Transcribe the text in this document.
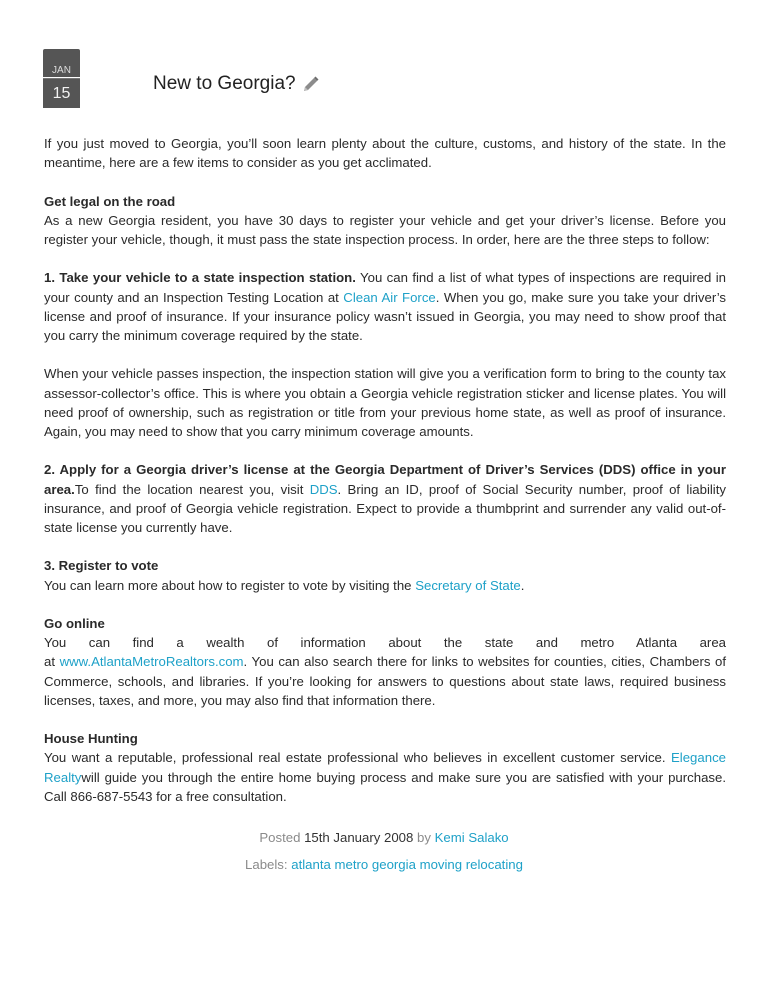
JAN
15	New to Georgia?

If you just moved to Georgia, you’ll soon learn plenty about the culture, customs, and history of the state. In the meantime, here are a few items to consider as you get acclimated.

Get legal on the road
As a new Georgia resident, you have 30 days to register your vehicle and get your driver’s license. Before you register your vehicle, though, it must pass the state inspection process. In order, here are the three steps to follow:

1. Take your vehicle to a state inspection station. You can find a list of what types of inspections are required in your county and an Inspection Testing Location at Clean Air Force. When you go, make sure you take your driver’s license and proof of insurance. If your insurance policy wasn’t issued in Georgia, you may need to show proof that you carry the minimum coverage required by the state.

When your vehicle passes inspection, the inspection station will give you a verification form to bring to the county tax assessor-collector’s office. This is where you obtain a Georgia vehicle registration sticker and license plates. You will need proof of ownership, such as registration or title from your previous home state, as well as proof of insurance. Again, you may need to show that you carry minimum coverage amounts.

2. Apply for a Georgia driver’s license at the Georgia Department of Driver’s Services (DDS) office in your area.To find the location nearest you, visit DDS. Bring an ID, proof of Social Security number, proof of liability insurance, and proof of Georgia vehicle registration. Expect to provide a thumbprint and surrender any valid out-of-state license you currently have.

3. Register to vote
You can learn more about how to register to vote by visiting the Secretary of State.

Go online
You can find a wealth of information about the state and metro Atlanta area
at www.AtlantaMetroRealtors.com. You can also search there for links to websites for counties, cities, Chambers of Commerce, schools, and libraries. If you’re looking for answers to questions about state laws, required business licenses, taxes, and more, you may also find that information there.

House Hunting
You want a reputable, professional real estate professional who believes in excellent customer service. Elegance Realtywill guide you through the entire home buying process and make sure you are satisfied with your purchase. Call 866-687-5543 for a free consultation.

Posted 15th January 2008 by Kemi Salako
Labels: atlanta metro georgia moving relocating
